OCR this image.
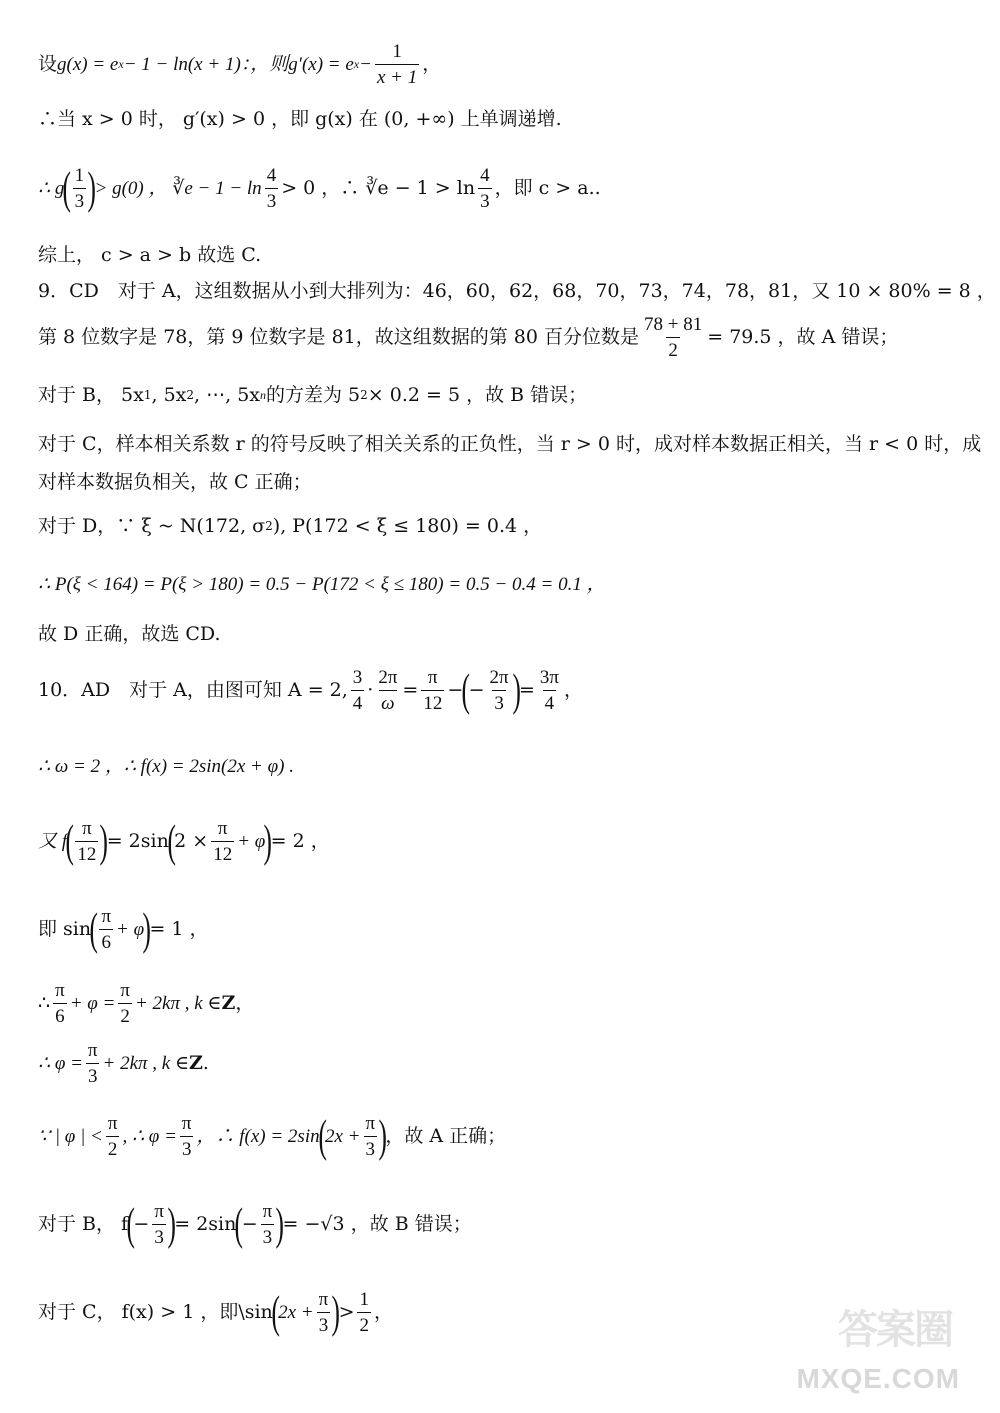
设 g(x) = e x − 1 − ln(x + 1)：，则 g′(x) = e $x - \frac{1}{x + 1}$ ，
∴当 x > 0 时， g′(x) > 0 ，即 g(x) 在 (0, +∞) 上单调递增.
∴ g
( $\frac{1}{3}$ )
> g(0) ， ∛e − $1 - \ln \frac{4}{3} > 0$ ，∴ ∛e − $1 > \ln \frac{4}{3}$ ，即 c > a..
综上， c > a > b 故选 C.
9．CD　对于 A，这组数据从小到大排列为：46，60，62，68，70，73，74，78，81，又 10 × 80% = 8 ，
第 8 位数字是 78，第 9 位数字是 81，故这组数据的第 80 百分位数是 $\frac{78 + 81}{2} = 79.5$ ，故 A 错误；
对于 B， 5x 1 , 5x 2 , ⋯, 5x n 的方差为 5 2 × 0.2 = 5 ，故 B 错误；
对于 C，样本相关系数 r 的符号反映了相关关系的正负性，当 r > 0 时，成对样本数据正相关，当 r < 0 时，成对样本数据负相关，故 C 正确；
对于 D，∵ ξ ~ N(172, σ 2 ), P(172 < ξ ≤ 180) = 0.4 ，
∴ P(ξ < 164) = P(ξ > 180) = 0.5 − P(172 < ξ ≤ 180) = 0.5 − 0.4 = 0.1 ，
故 D 正确，故选 CD.
10．AD　对于 A，由图可知 A = 2, $\frac{3}{4} \cdot \frac{2\pi}{\omega} = \frac{\pi}{12}$ −
(
− $\frac{2\pi}{3}$ )
= $\frac{3\pi}{4}$ ，
∴ ω = 2 ，∴ f(x) = 2sin(2x + φ) .
又 f
( $\frac{\pi}{12}$ )
= 2sin
(
$2 \times \frac{\pi}{12} + \varphi$
)
= 2 ，
即 sin
( $\frac{\pi}{6} + \varphi$
)
= 1 ，
∴ $\frac{\pi}{6} + \varphi = \frac{\pi}{2} + 2k\pi$ , k ∈ Z ，
∴ $\varphi = \frac{\pi}{3} + 2k\pi$ , k ∈ Z .
∵ | φ | < $\frac{\pi}{2}$ , ∴ $\varphi = \frac{\pi}{3}$ ，∴ f(x) = 2sin
(
$2x + \frac{\pi}{3}$ )
，故 A 正确；
对于 B， f
(
− $\frac{\pi}{3}$ )
= 2sin
(
− $\frac{\pi}{3}$ )
= −√3 ，故 B 错误；
对于 C， f(x) > 1 ，即\sin
(
$2x + \frac{\pi}{3}$ )
> $\frac{1}{2}$ ，	答案圈
MXQE.COM
